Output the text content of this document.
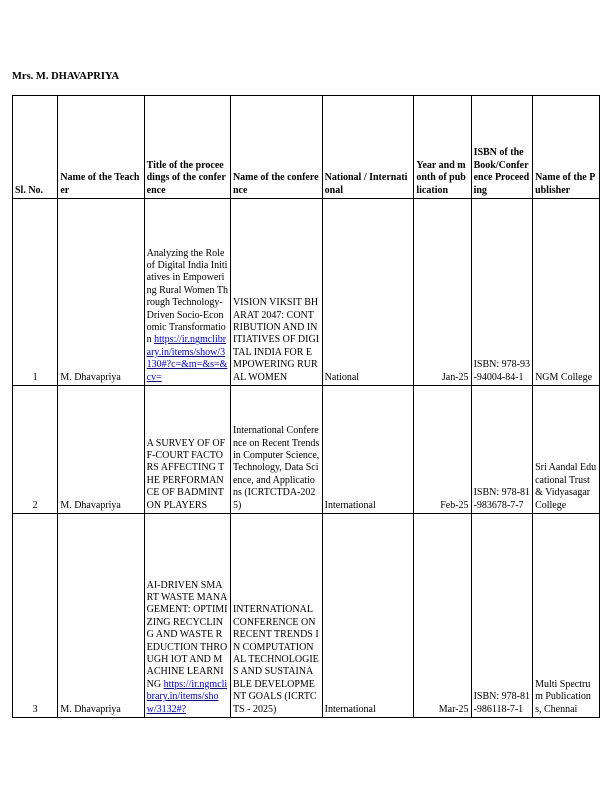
Mrs. M. DHAVAPRIYA
Sl. No.	Name of the Teacher	Title of the proceedings of the conference	Name of the conference	National / International	Year and month of publication	ISBN of the Book/Conference Proceeding	Name of the Publisher
1	M. Dhavapriya	Analyzing the Role of Digital India Initiatives in Empowering Rural Women Through Technology-Driven Socio-Economic Transformation https://ir.ngmclibrary.in/items/show/3130#?c=&m=&s=&cv=	VISION VIKSIT BHARAT 2047: CONTRIBUTION AND INITIATIVES OF DIGITAL INDIA FOR EMPOWERING RURAL WOMEN	National	Jan-25	ISBN: 978-93-94004-84-1	NGM College
2	M. Dhavapriya	A SURVEY OF OFF-COURT FACTORS AFFECTING THE PERFORMANCE OF BADMINTON PLAYERS	International Conference on Recent Trends in Computer Science, Technology, Data Science, and Applications (ICRTCTDA-2025)	International	Feb-25	ISBN: 978-81-983678-7-7	Sri Aandal Educational Trust & Vidyasagar College
3	M. Dhavapriya	AI-DRIVEN SMART WASTE MANAGEMENT: OPTIMIZING RECYCLING AND WASTE REDUCTION THROUGH IOT AND MACHINE LEARNING https://ir.ngmclibrary.in/items/show/3132#?	INTERNATIONAL CONFERENCE ON RECENT TRENDS IN COMPUTATIONAL TECHNOLOGIES AND SUSTAINABLE DEVELOPMENT GOALS (ICRTCTS - 2025)	International	Mar-25	ISBN: 978-81-986118-7-1	Multi Spectrum Publications, Chennai
